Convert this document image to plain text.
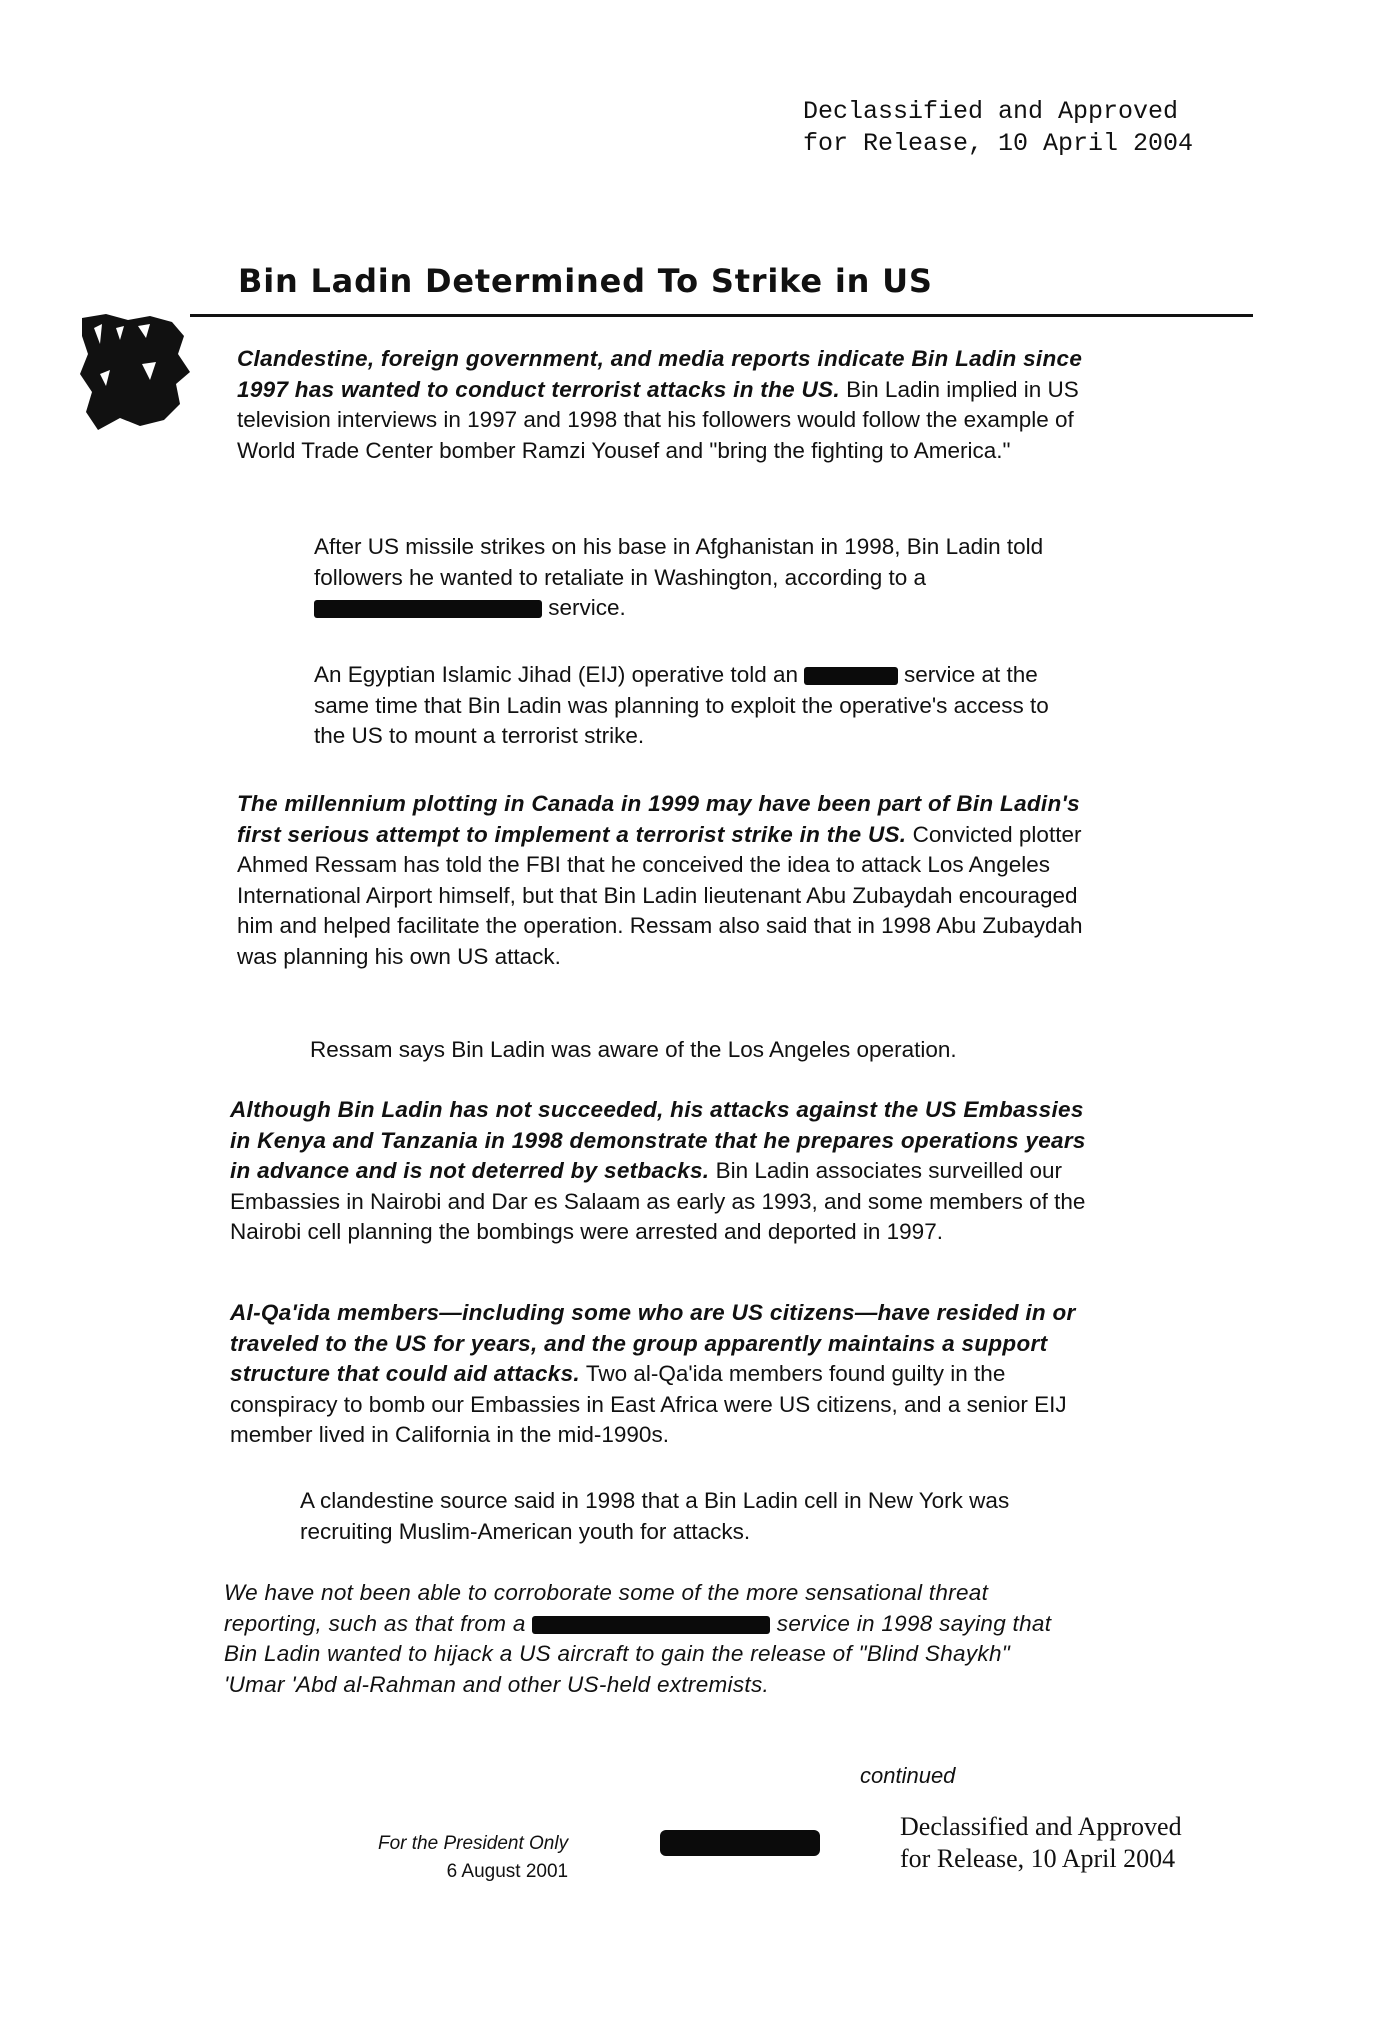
Declassified and Approved
for Release, 10 April 2004
Bin Ladin Determined To Strike in US

Clandestine, foreign government, and media reports indicate Bin Ladin since 1997 has wanted to conduct terrorist attacks in the US. Bin Ladin implied in US television interviews in 1997 and 1998 that his followers would follow the example of World Trade Center bomber Ramzi Yousef and "bring the fighting to America."

After US missile strikes on his base in Afghanistan in 1998, Bin Ladin told followers he wanted to retaliate in Washington, according to a  service.

An Egyptian Islamic Jihad (EIJ) operative told an	service at the same time that Bin Ladin was planning to exploit the operative's access to the US to mount a terrorist strike.

The millennium plotting in Canada in 1999 may have been part of Bin Ladin's first serious attempt to implement a terrorist strike in the US. Convicted plotter Ahmed Ressam has told the FBI that he conceived the idea to attack Los Angeles International Airport himself, but that Bin Ladin lieutenant Abu Zubaydah encouraged him and helped facilitate the operation. Ressam also said that in 1998 Abu Zubaydah was planning his own US attack.

Ressam says Bin Ladin was aware of the Los Angeles operation.

Although Bin Ladin has not succeeded, his attacks against the US Embassies in Kenya and Tanzania in 1998 demonstrate that he prepares operations years in advance and is not deterred by setbacks. Bin Ladin associates surveilled our Embassies in Nairobi and Dar es Salaam as early as 1993, and some members of the Nairobi cell planning the bombings were arrested and deported in 1997.

Al-Qa'ida members—including some who are US citizens—have resided in or traveled to the US for years, and the group apparently maintains a support structure that could aid attacks. Two al-Qa'ida members found guilty in the conspiracy to bomb our Embassies in East Africa were US citizens, and a senior EIJ member lived in California in the mid-1990s.

A clandestine source said in 1998 that a Bin Ladin cell in New York was recruiting Muslim-American youth for attacks.

We have not been able to corroborate some of the more sensational threat reporting, such as that from a	service in 1998 saying that Bin Ladin wanted to hijack a US aircraft to gain the release of "Blind Shaykh" 'Umar 'Abd al-Rahman and other US-held extremists.

continued
For the President Only
6 August 2001
Declassified and Approved
for Release, 10 April 2004
